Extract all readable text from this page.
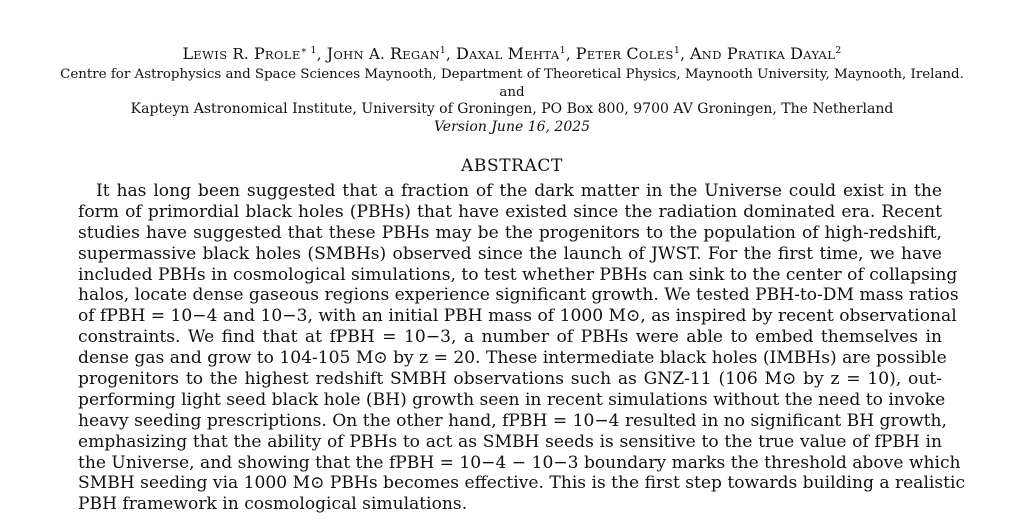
LEWIS R. $PROLE^{∗ 1}$, JOHN A. REGAN$^1$, DAXAL MEHTA$^1$, PETER COLES$^1$, AND PRATIKA DAYAL$^2$
Centre for Astrophysics and Space Sciences Maynooth, Department of Theoretical Physics, Maynooth University, Maynooth, Ireland.
and
Kapteyn Astronomical Institute, University of Groningen, PO Box 800, 9700 AV Groningen, The Netherland
Version June 16, 2025
ABSTRACT
It has long been suggested that a fraction of the dark matter in the Universe could exist in the
form of primordial black holes (PBHs) that have existed since the radiation dominated era. Recent
studies have suggested that these PBHs may be the progenitors to the population of high-redshift,
supermassive black holes (SMBHs) observed since the launch of JWST. For the first time, we have
included PBHs in cosmological simulations, to test whether PBHs can sink to the center of collapsing
halos, locate dense gaseous regions experience significant growth. We tested PBH-to-DM mass ratios
of fPBH = 10−4 and 10−3, with an initial PBH mass of 1000 M⊙, as inspired by recent observational
constraints. We find that at fPBH = 10−3, a number of PBHs were able to embed themselves in
dense gas and grow to 104-105 M⊙ by z = 20. These intermediate black holes (IMBHs) are possible
progenitors to the highest redshift SMBH observations such as GNZ-11 (106 M⊙ by z = 10), out-
performing light seed black hole (BH) growth seen in recent simulations without the need to invoke
heavy seeding prescriptions. On the other hand, fPBH = 10−4 resulted in no significant BH growth,
emphasizing that the ability of PBHs to act as SMBH seeds is sensitive to the true value of fPBH in
the Universe, and showing that the fPBH = 10−4 − 10−3 boundary marks the threshold above which
SMBH seeding via 1000 M⊙ PBHs becomes effective. This is the first step towards building a realistic
PBH framework in cosmological simulations.
